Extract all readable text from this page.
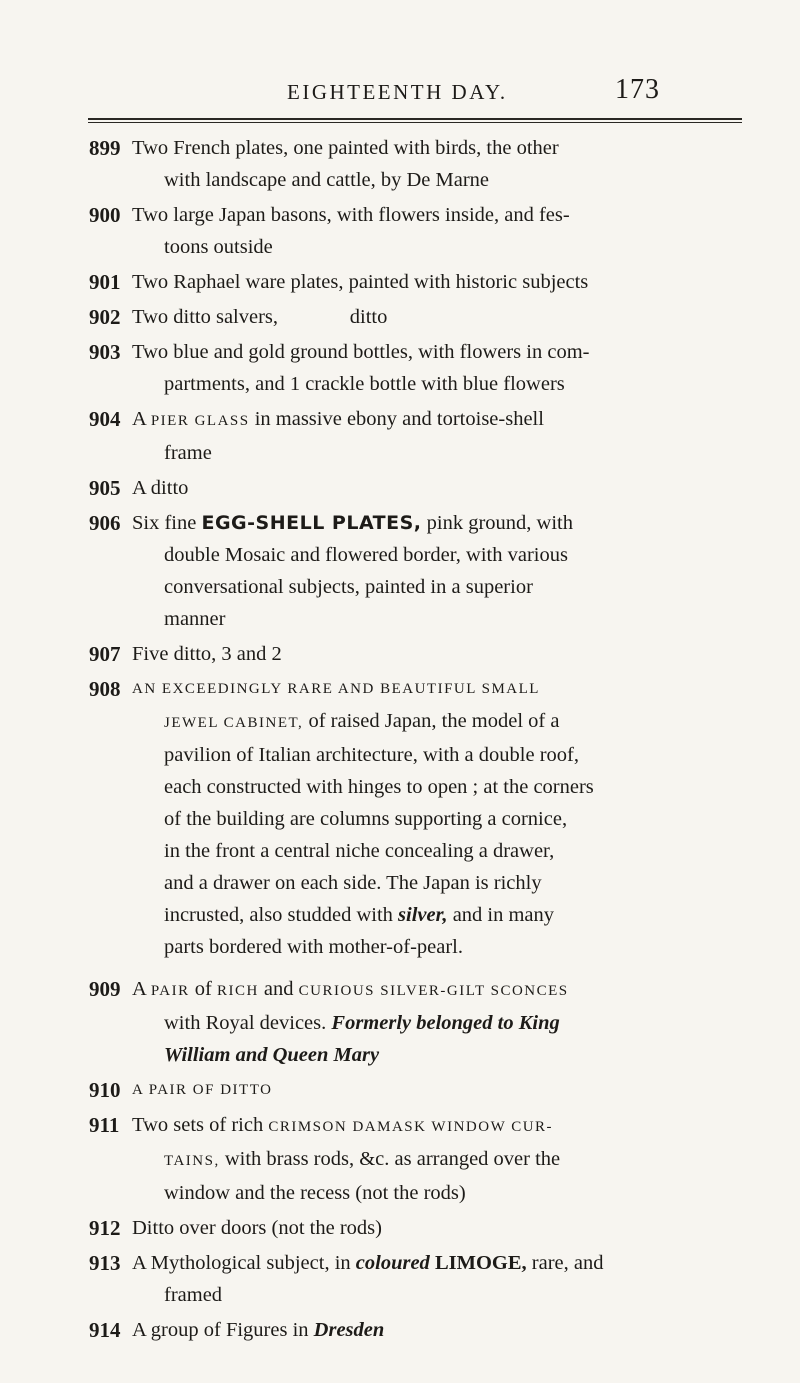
EIGHTEENTH DAY.	173
899 Two French plates, one painted with birds, the other
with landscape and cattle, by De Marne
900 Two large Japan basons, with flowers inside, and fes-
toons outside
901 Two Raphael ware plates, painted with historic subjects
902 Two ditto salvers,              ditto
903 Two blue and gold ground bottles, with flowers in com-
partments, and 1 crackle bottle with blue flowers
904 A PIER GLASS in massive ebony and tortoise-shell
frame
905 A ditto
906 Six fine EGG-SHELL PLATES, pink ground, with
double Mosaic and flowered border, with various
conversational subjects, painted in a superior
manner
907 Five ditto, 3 and 2
908 AN EXCEEDINGLY RARE AND BEAUTIFUL SMALL
JEWEL CABINET, of raised Japan, the model of a
pavilion of Italian architecture, with a double roof,
each constructed with hinges to open ; at the corners
of the building are columns supporting a cornice,
in the front a central niche concealing a drawer,
and a drawer on each side. The Japan is richly
incrusted, also studded with silver, and in many
parts bordered with mother-of-pearl.
909 A PAIR of RICH and CURIOUS SILVER-GILT SCONCES
with Royal devices. Formerly belonged to King
William and Queen Mary
910 A PAIR OF DITTO
911 Two sets of rich CRIMSON DAMASK WINDOW CUR-
TAINS, with brass rods, &c. as arranged over the
window and the recess (not the rods)
912 Ditto over doors (not the rods)
913 A Mythological subject, in coloured LIMOGE, rare, and
framed
914 A group of Figures in Dresden
